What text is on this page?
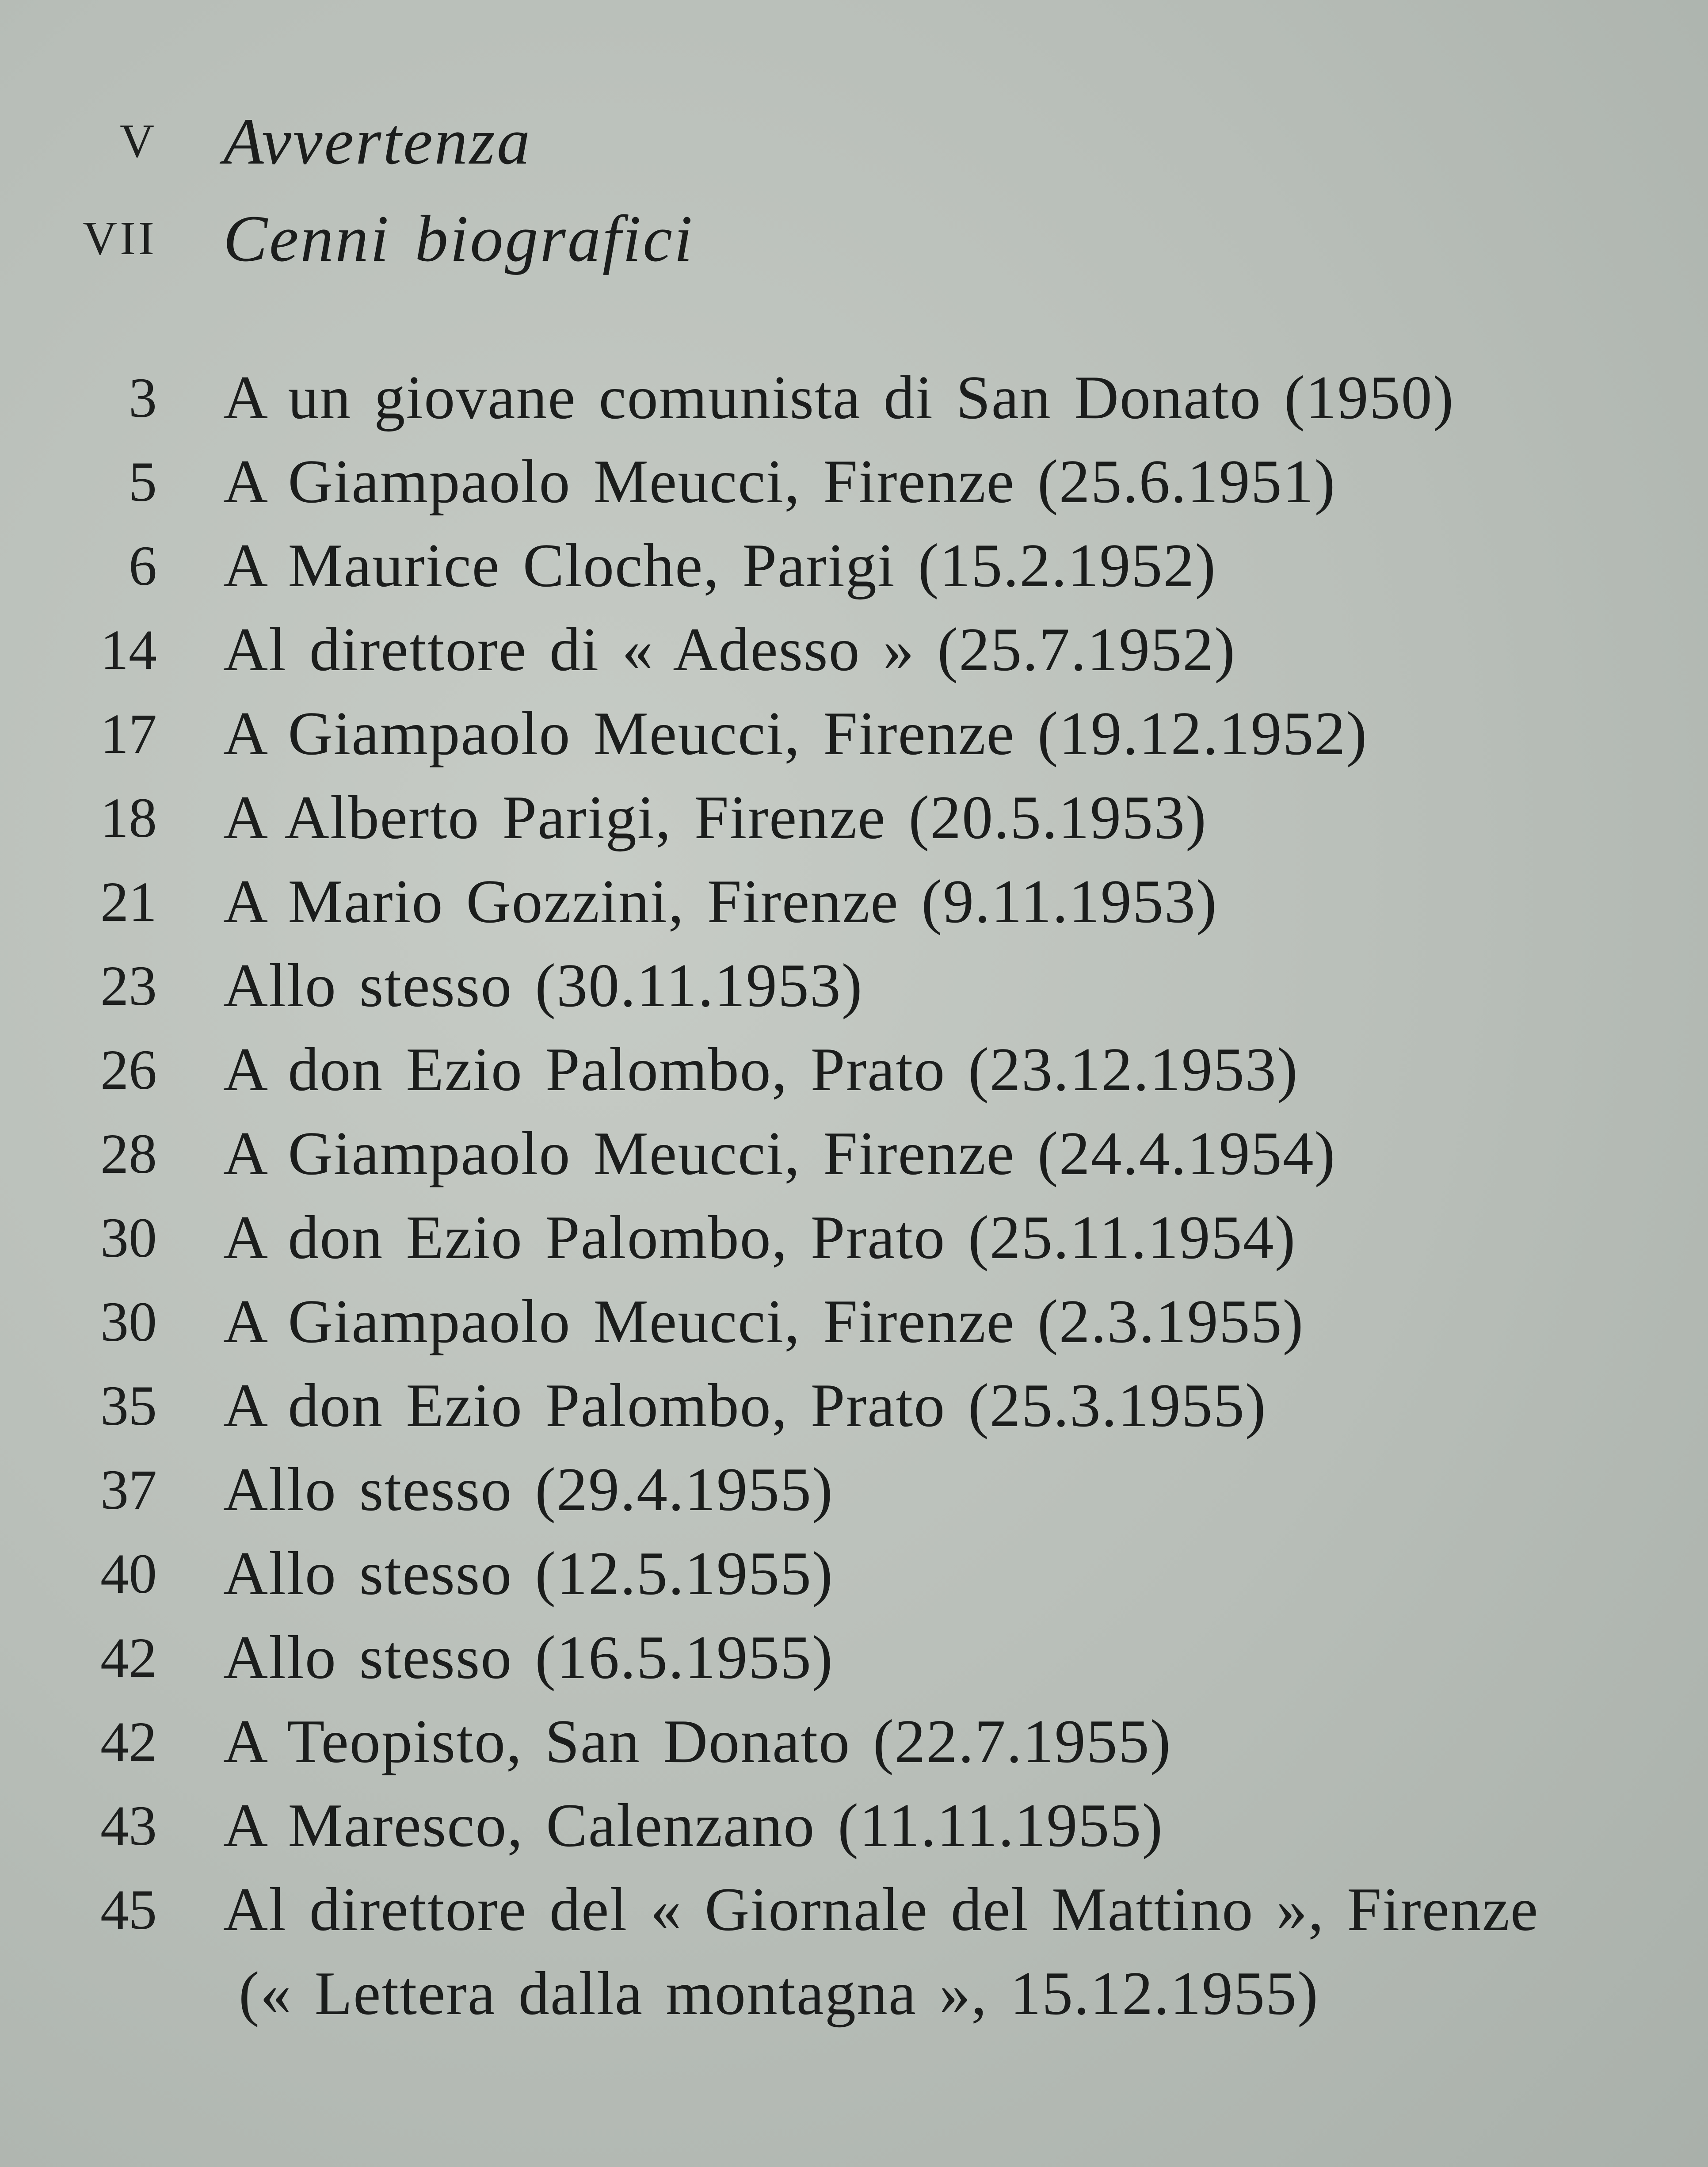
V Avvertenza
VII Cenni biografici
3 A un giovane comunista di San Donato (1950)
5 A Giampaolo Meucci, Firenze (25.6.1951)
6 A Maurice Cloche, Parigi (15.2.1952)
14 Al direttore di « Adesso » (25.7.1952)
17 A Giampaolo Meucci, Firenze (19.12.1952)
18 A Alberto Parigi, Firenze (20.5.1953)
21 A Mario Gozzini, Firenze (9.11.1953)
23 Allo stesso (30.11.1953)
26 A don Ezio Palombo, Prato (23.12.1953)
28 A Giampaolo Meucci, Firenze (24.4.1954)
30 A don Ezio Palombo, Prato (25.11.1954)
30 A Giampaolo Meucci, Firenze (2.3.1955)
35 A don Ezio Palombo, Prato (25.3.1955)
37 Allo stesso (29.4.1955)
40 Allo stesso (12.5.1955)
42 Allo stesso (16.5.1955)
42 A Teopisto, San Donato (22.7.1955)
43 A Maresco, Calenzano (11.11.1955)
45 Al direttore del « Giornale del Mattino », Firenze
(« Lettera dalla montagna », 15.12.1955)
